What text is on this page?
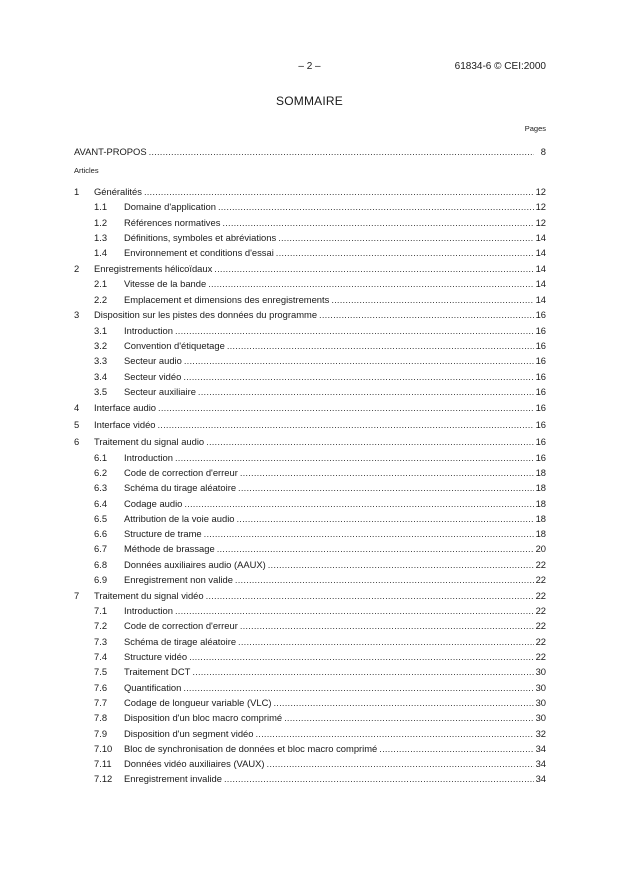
– 2 –	61834-6 © CEI:2000
SOMMAIRE
Pages
AVANT-PROPOS .....	8
Articles
1	Généralités .....	12
1.1	Domaine d'application .....	12
1.2	Références normatives .....	12
1.3	Définitions, symboles et abréviations .....	14
1.4	Environnement et conditions d'essai .....	14
2	Enregistrements hélicoïdaux .....	14
2.1	Vitesse de la bande .....	14
2.2	Emplacement et dimensions des enregistrements .....	14
3	Disposition sur les pistes des données du programme .....	16
3.1	Introduction .....	16
3.2	Convention d'étiquetage .....	16
3.3	Secteur audio .....	16
3.4	Secteur vidéo .....	16
3.5	Secteur auxiliaire .....	16
4	Interface audio .....	16
5	Interface vidéo .....	16
6	Traitement du signal audio .....	16
6.1	Introduction .....	16
6.2	Code de correction d'erreur .....	18
6.3	Schéma du tirage aléatoire .....	18
6.4	Codage audio .....	18
6.5	Attribution de la voie audio .....	18
6.6	Structure de trame .....	18
6.7	Méthode de brassage .....	20
6.8	Données auxiliaires audio (AAUX) .....	22
6.9	Enregistrement non valide .....	22
7	Traitement du signal vidéo .....	22
7.1	Introduction .....	22
7.2	Code de correction d'erreur .....	22
7.3	Schéma de tirage aléatoire .....	22
7.4	Structure vidéo .....	22
7.5	Traitement DCT .....	30
7.6	Quantification .....	30
7.7	Codage de longueur variable (VLC) .....	30
7.8	Disposition d'un bloc macro comprimé .....	30
7.9	Disposition d'un segment vidéo .....	32
7.10	Bloc de synchronisation de données et bloc macro comprimé .....	34
7.11	Données vidéo auxiliaires (VAUX) .....	34
7.12	Enregistrement invalide .....	34
